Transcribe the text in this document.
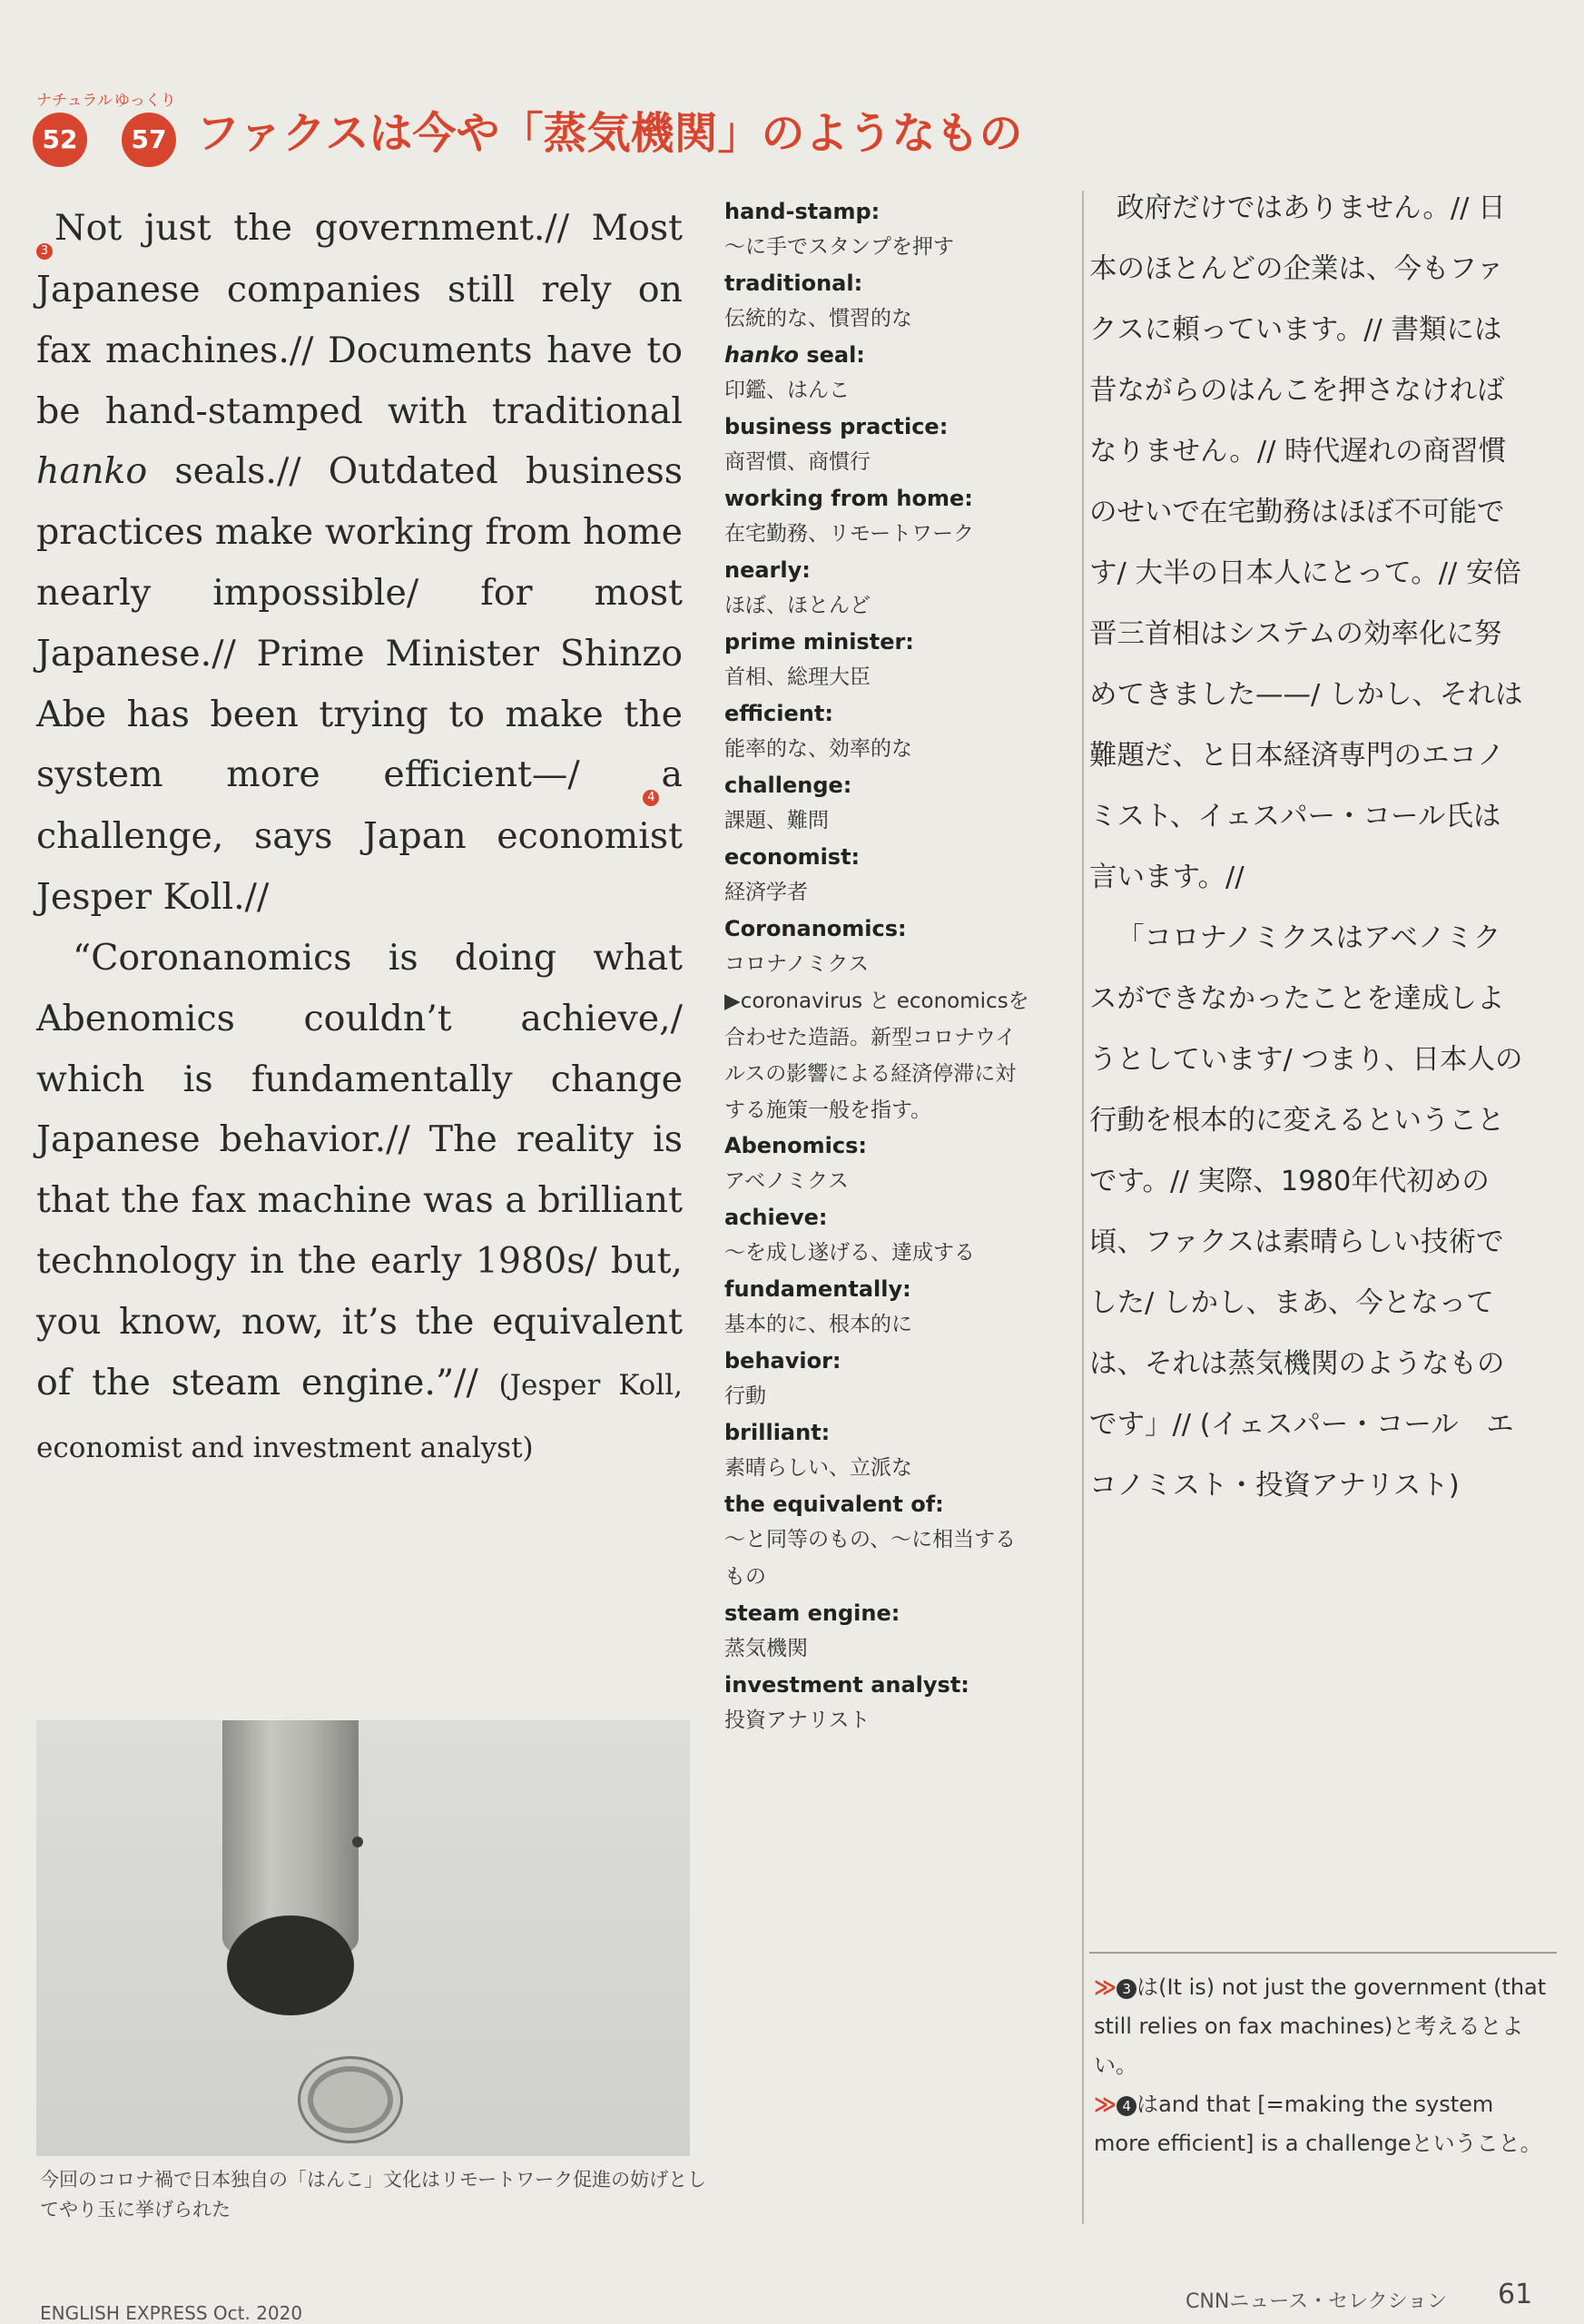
ナチュラル
52
ゆっくり
57 ファクスは今や「蒸気機関」のようなもの

3Not just the government.// Most Japanese companies still rely on fax machines.// Documents have to be hand-stamped with traditional hanko seals.// Outdated business practices make working from home nearly impossible/ for most Japanese.// Prime Minister Shinzo Abe has been trying to make the system more efficient—/ 4a challenge, says Japan economist Jesper Koll.//

“Coronanomics is doing what Abenomics couldn’t achieve,/ which is fundamentally change Japanese behavior.// The reality is that the fax machine was a brilliant technology in the early 1980s/ but, you know, now, it’s the equivalent of the steam engine.”// (Jesper Koll, economist and investment analyst)

hand-stamp:
〜に手でスタンプを押す
traditional:
伝統的な、慣習的な
hanko seal:
印鑑、はんこ
business practice:
商習慣、商慣行
working from home:
在宅勤務、リモートワーク
nearly:
ほぼ、ほとんど
prime minister:
首相、総理大臣
efficient:
能率的な、効率的な
challenge:
課題、難問
economist:
経済学者
Coronanomics:
コロナノミクス
▶coronavirus と economicsを合わせた造語。新型コロナウイルスの影響による経済停滞に対する施策一般を指す。
Abenomics:
アベノミクス
achieve:
〜を成し遂げる、達成する
fundamentally:
基本的に、根本的に
behavior:
行動
brilliant:
素晴らしい、立派な
the equivalent of:
〜と同等のもの、〜に相当するもの
steam engine:
蒸気機関
investment analyst:
投資アナリスト

政府だけではありません。// 日本のほとんどの企業は、今もファクスに頼っています。// 書類には昔ながらのはんこを押さなければなりません。// 時代遅れの商習慣のせいで在宅勤務はほぼ不可能です/ 大半の日本人にとって。// 安倍晋三首相はシステムの効率化に努めてきました——/ しかし、それは難題だ、と日本経済専門のエコノミスト、イェスパー・コール氏は言います。//

「コロナノミクスはアベノミクスができなかったことを達成しようとしています/ つまり、日本人の行動を根本的に変えるということです。// 実際、1980年代初めの頃、ファクスは素晴らしい技術でした/ しかし、まあ、今となっては、それは蒸気機関のようなものです」// (イェスパー・コール　エコノミスト・投資アナリスト)

今回のコロナ禍で日本独自の「はんこ」文化はリモートワーク促進の妨げとしてやり玉に挙げられた

≫ 3 は(It is) not just the government (that still relies on fax machines)と考えるとよい。

≫ 4 はand that [=making the system more efficient] is a challengeということ。

ENGLISH EXPRESS Oct. 2020	CNNニュース・セレクション 61
